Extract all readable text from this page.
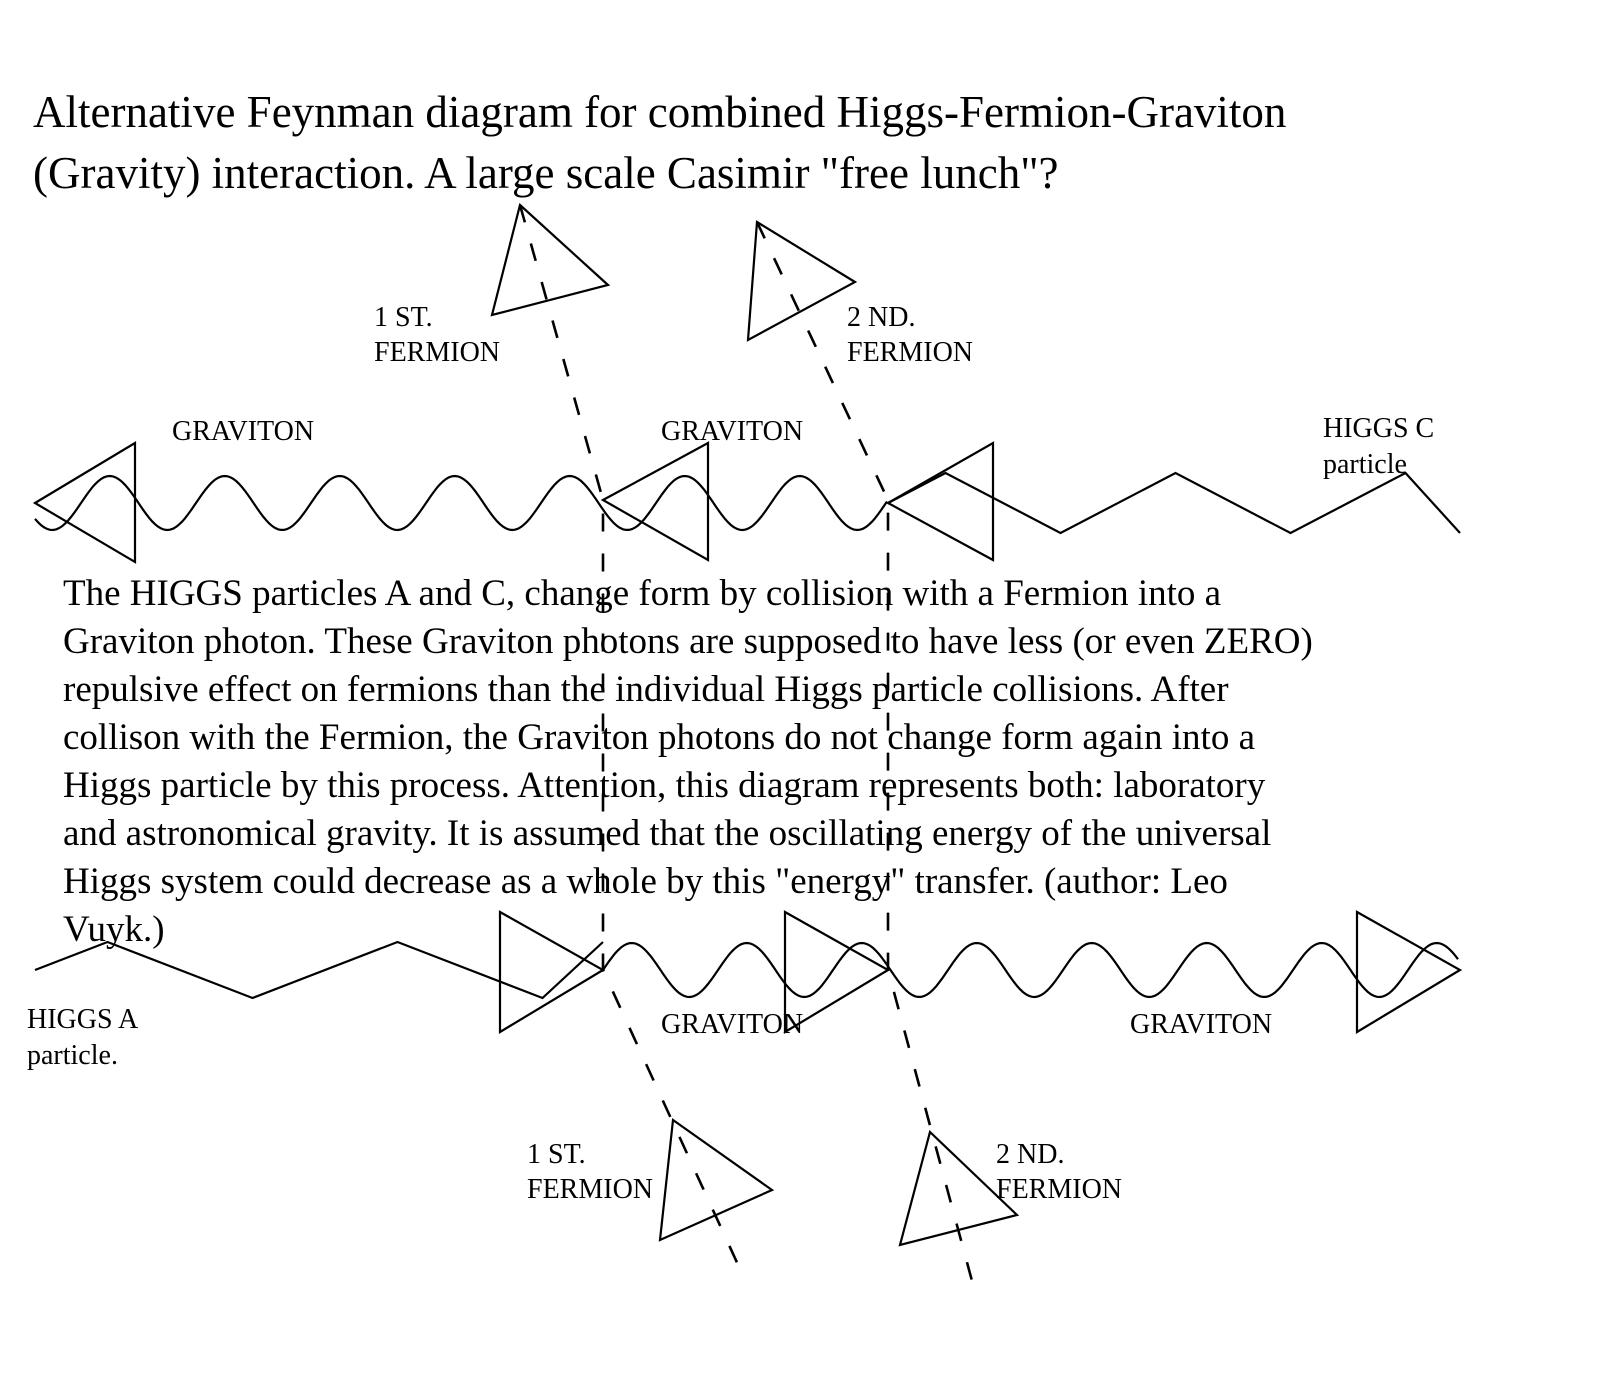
Alternative Feynman diagram for combined Higgs-Fermion-Graviton
(Gravity) interaction. A large scale Casimir "free lunch"?
1 ST.
FERMION
2 ND.
FERMION
GRAVITON	GRAVITON	HIGGS C
particle
The HIGGS particles A and C, change form by collision with a Fermion into a
Graviton photon. These Graviton photons are supposed to have less (or even ZERO)
repulsive effect on fermions than the individual Higgs particle collisions. After
collison with the Fermion, the Graviton photons do not change form again into a
Higgs particle by this process. Attention, this diagram represents both: laboratory
and astronomical gravity. It is assumed that the oscillating energy of the universal
Higgs system could decrease as a whole by this "energy" transfer. (author: Leo
Vuyk.)
HIGGS A
particle.
GRAVITON	GRAVITON
1 ST.
FERMION
2 ND.
FERMION
